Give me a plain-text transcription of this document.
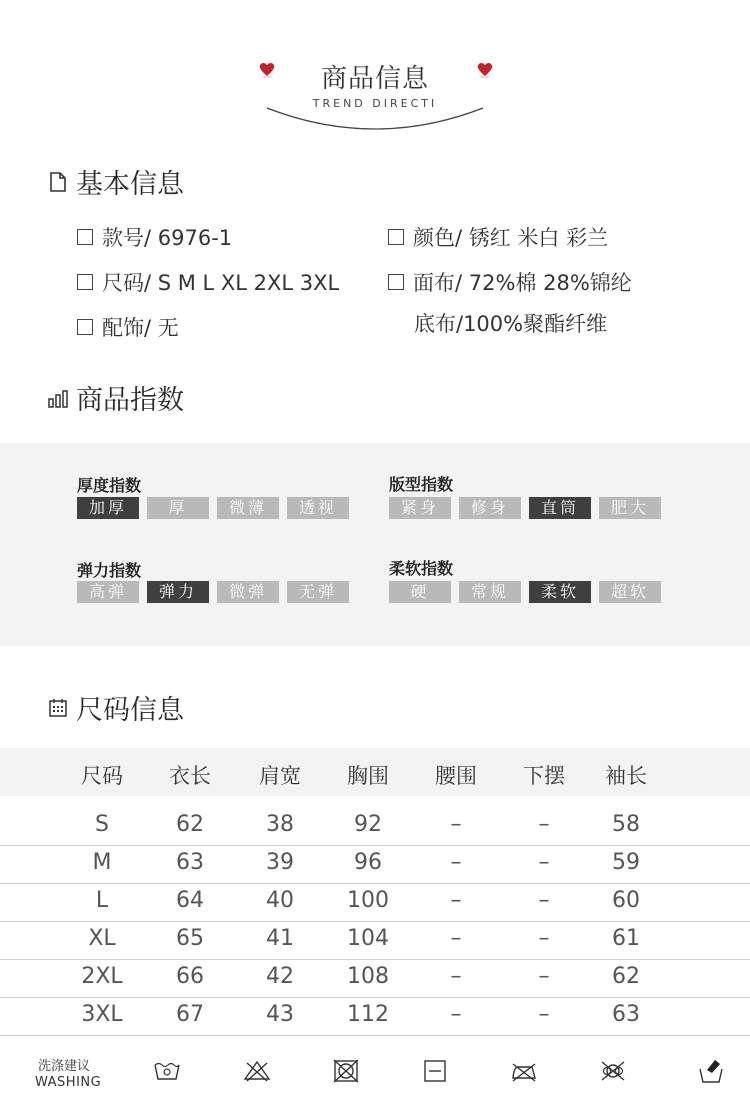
商品信息
TREND DIRECTI
基本信息
款号/ 6976-1
尺码/ S M L XL 2XL 3XL
配饰/ 无
颜色/ 锈红 米白 彩兰
面布/ 72%棉 28%锦纶
底布/100%聚酯纤维
商品指数
厚度指数
加厚	厚	微薄	透视
版型指数
紧身	修身	直筒	肥大
弹力指数
高弹	弹力	微弹	无弹
柔软指数
硬	常规	柔软	超软
尺码信息
尺码	衣长	肩宽	胸围	腰围	下摆	袖长
S	62	38	92	–	–	58
M	63	39	96	–	–	59
L	64	40	100	–	–	60
XL	65	41	104	–	–	61
2XL	66	42	108	–	–	62
3XL	67	43	112	–	–	63
洗涤建议
WASHING
